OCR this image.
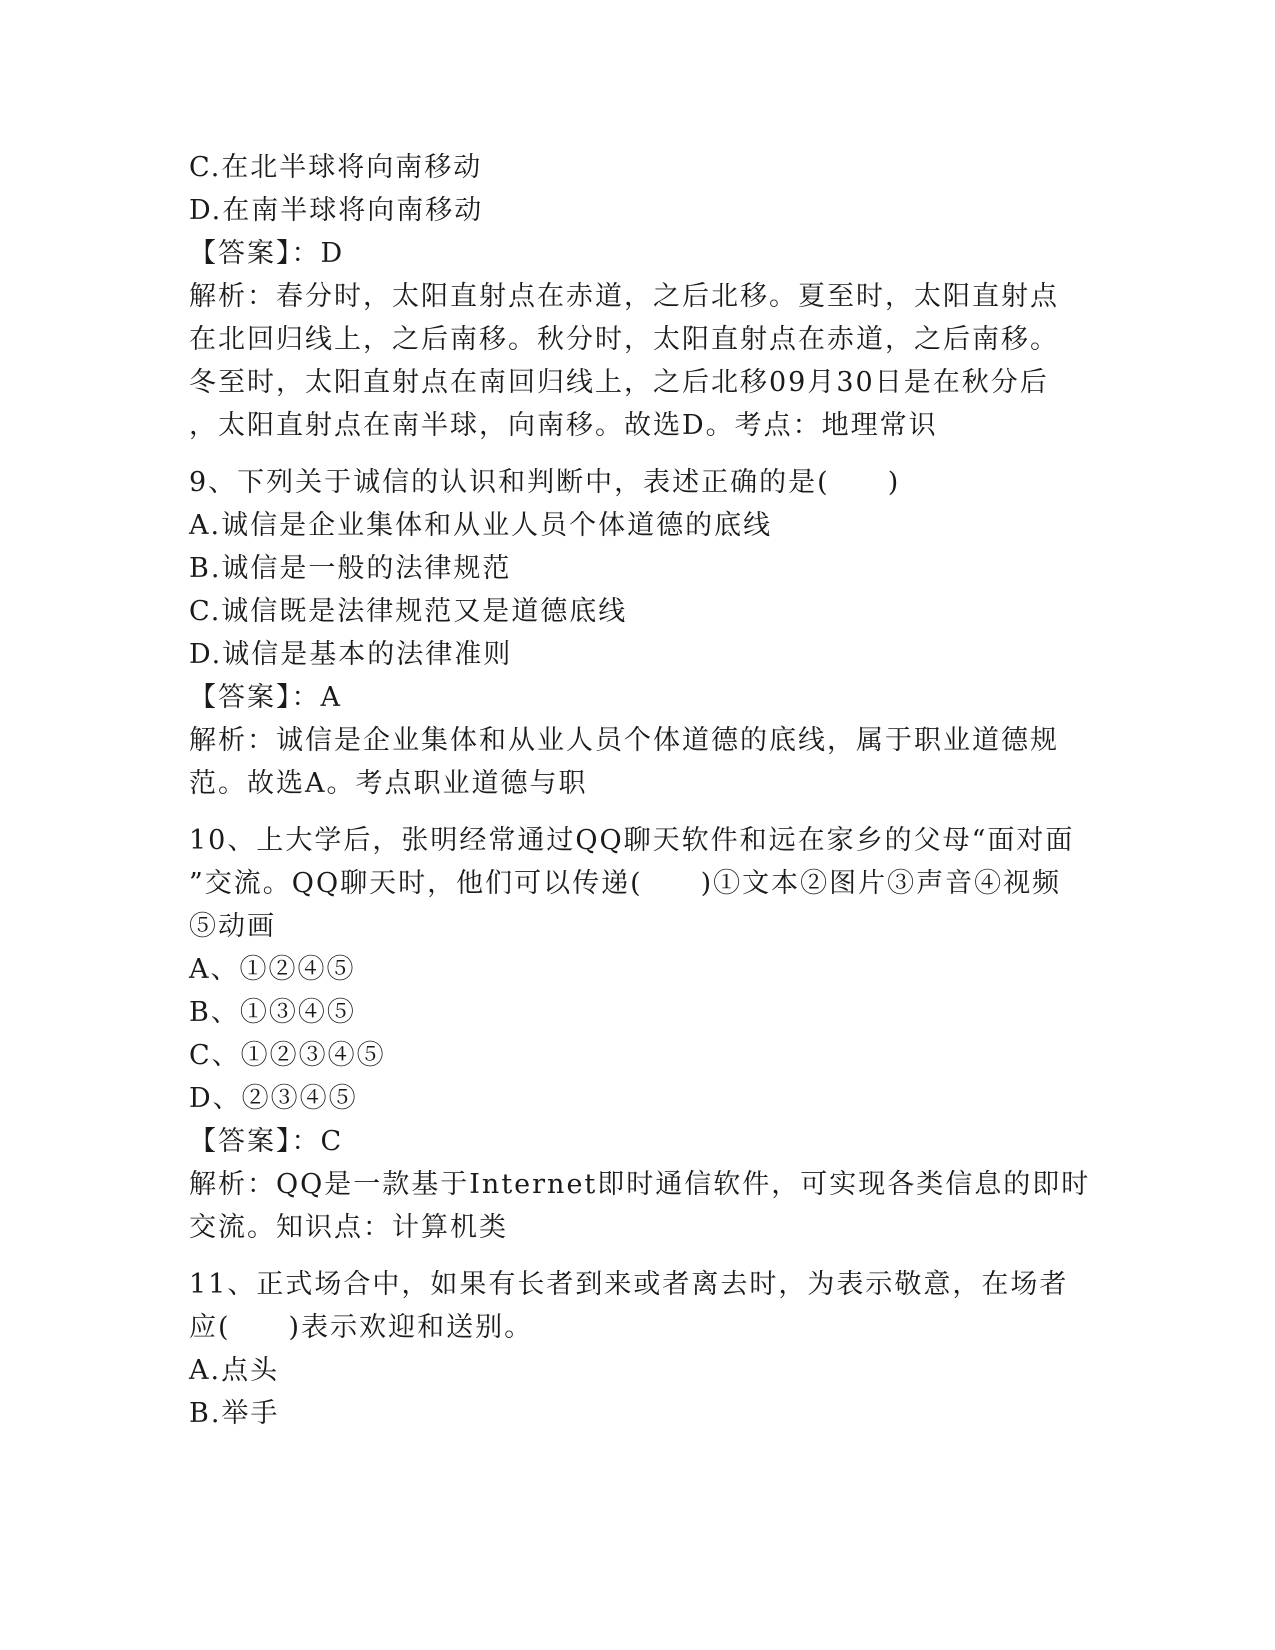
C.在北半球将向南移动
D.在南半球将向南移动
【答案】：D
解析：春分时，太阳直射点在赤道，之后北移。夏至时，太阳直射点
在北回归线上，之后南移。秋分时，太阳直射点在赤道，之后南移。
冬至时，太阳直射点在南回归线上，之后北移09月30日是在秋分后
，太阳直射点在南半球，向南移。故选D。考点：地理常识
9、下列关于诚信的认识和判断中，表述正确的是(　　)
A.诚信是企业集体和从业人员个体道德的底线
B.诚信是一般的法律规范
C.诚信既是法律规范又是道德底线
D.诚信是基本的法律准则
【答案】：A
解析：诚信是企业集体和从业人员个体道德的底线，属于职业道德规
范。故选A。考点职业道德与职
10、上大学后，张明经常通过QQ聊天软件和远在家乡的父母“面对面
”交流。QQ聊天时，他们可以传递(　　)①文本②图片③声音④视频
⑤动画
A、①②④⑤
B、①③④⑤
C、①②③④⑤
D、②③④⑤
【答案】：C
解析：QQ是一款基于Internet即时通信软件，可实现各类信息的即时
交流。知识点：计算机类
11、正式场合中，如果有长者到来或者离去时，为表示敬意，在场者
应(　　)表示欢迎和送别。
A.点头
B.举手
